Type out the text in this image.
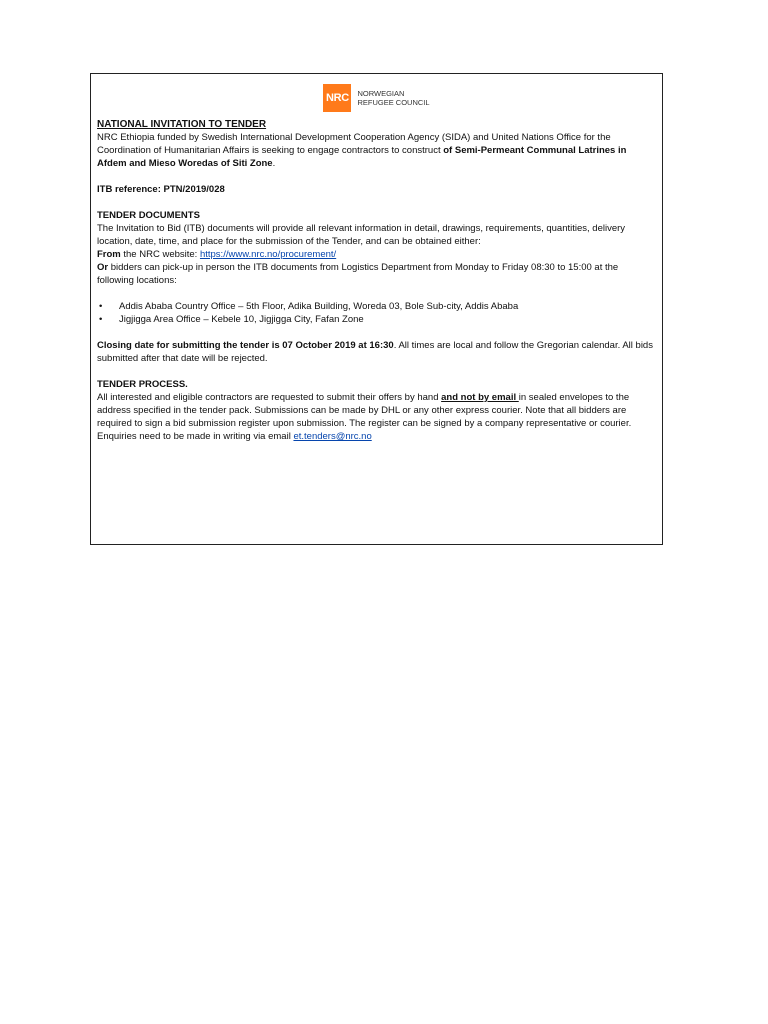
NRC	NORWEGIAN
REFUGEE COUNCIL

NATIONAL INVITATION TO TENDER

NRC Ethiopia funded by Swedish International Development Cooperation Agency (SIDA) and United Nations Office for the Coordination of Humanitarian Affairs is seeking to engage contractors to construct of Semi-Permeant Communal Latrines in Afdem and Mieso Woredas of Siti Zone.

ITB reference: PTN/2019/028

TENDER DOCUMENTS

The Invitation to Bid (ITB) documents will provide all relevant information in detail, drawings, requirements, quantities, delivery location, date, time, and place for the submission of the Tender, and can be obtained either:

From the NRC website: https://www.nrc.no/procurement/

Or bidders can pick-up in person the ITB documents from Logistics Department from Monday to Friday 08:30 to 15:00 at the following locations:

• Addis Ababa Country Office – 5th Floor, Adika Building, Woreda 03, Bole Sub-city, Addis Ababa
• Jigjigga Area Office – Kebele 10, Jigjigga City, Fafan Zone

Closing date for submitting the tender is 07 October 2019 at 16:30. All times are local and follow the Gregorian calendar. All bids submitted after that date will be rejected.

TENDER PROCESS.

All interested and eligible contractors are requested to submit their offers by hand and not by email in sealed envelopes to the address specified in the tender pack. Submissions can be made by DHL or any other express courier. Note that all bidders are required to sign a bid submission register upon submission. The register can be signed by a company representative or courier. Enquiries need to be made in writing via email et.tenders@nrc.no
